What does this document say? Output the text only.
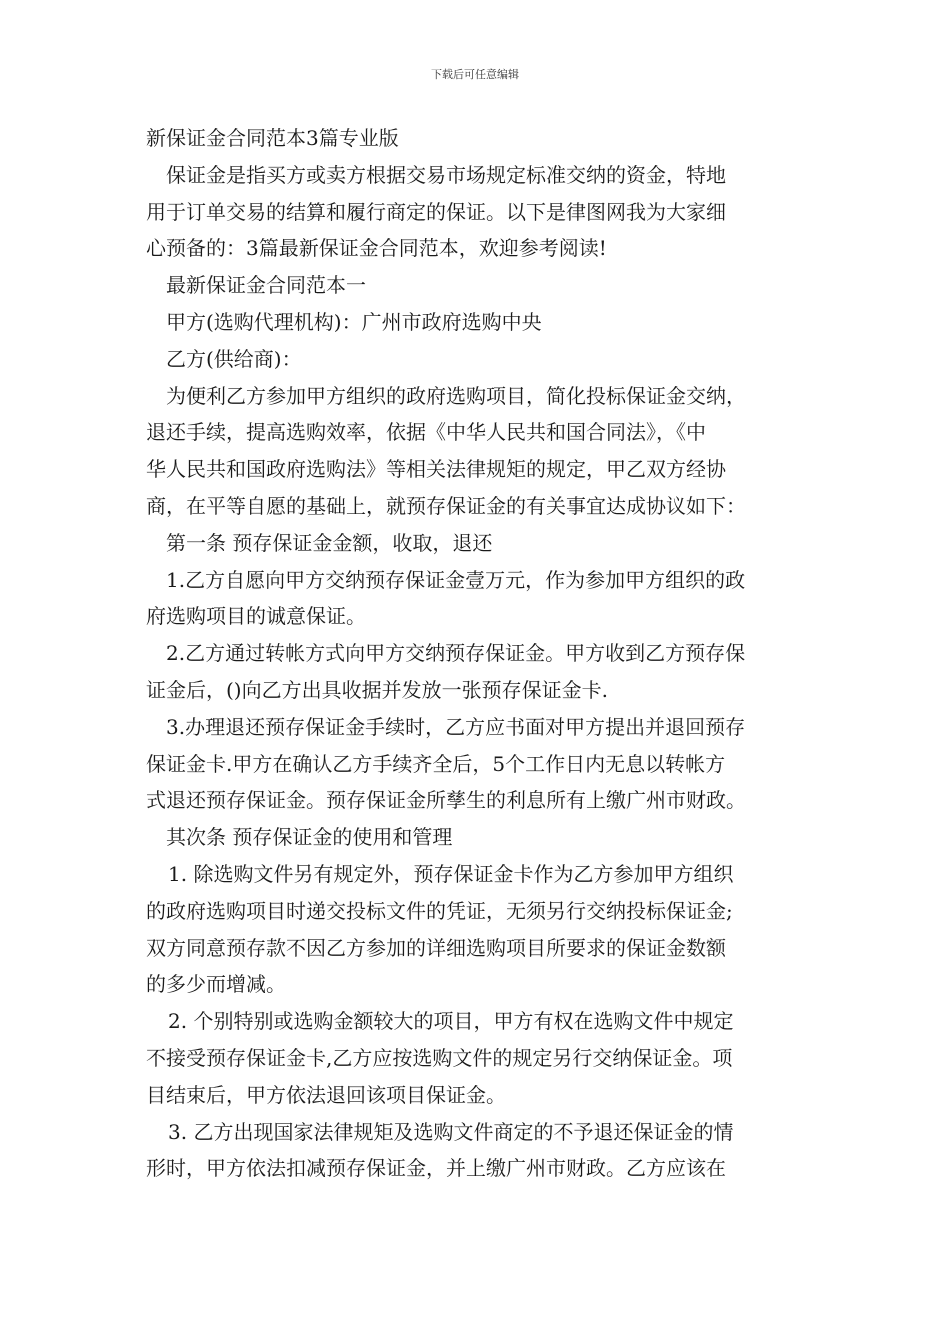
下载后可任意编辑
新保证金合同范本3篇专业版
保证金是指买方或卖方根据交易市场规定标准交纳的资金，特地
用于订单交易的结算和履行商定的保证。以下是律图网我为大家细
心预备的：3篇最新保证金合同范本，欢迎参考阅读!
最新保证金合同范本一
甲方(选购代理机构)：广州市政府选购中央
乙方(供给商)：
为便利乙方参加甲方组织的政府选购项目，简化投标保证金交纳，
退还手续，提高选购效率，依据《中华人民共和国合同法》，《中
华人民共和国政府选购法》等相关法律规矩的规定，甲乙双方经协
商，在平等自愿的基础上，就预存保证金的有关事宜达成协议如下：
第一条 预存保证金金额，收取，退还
1.乙方自愿向甲方交纳预存保证金壹万元，作为参加甲方组织的政
府选购项目的诚意保证。
2.乙方通过转帐方式向甲方交纳预存保证金。甲方收到乙方预存保
证金后，()向乙方出具收据并发放一张预存保证金卡.
3.办理退还预存保证金手续时，乙方应书面对甲方提出并退回预存
保证金卡.甲方在确认乙方手续齐全后，5个工作日内无息以转帐方
式退还预存保证金。预存保证金所孳生的利息所有上缴广州市财政。
其次条 预存保证金的使用和管理
1. 除选购文件另有规定外，预存保证金卡作为乙方参加甲方组织
的政府选购项目时递交投标文件的凭证，无须另行交纳投标保证金;
双方同意预存款不因乙方参加的详细选购项目所要求的保证金数额
的多少而增减。
2. 个别特别或选购金额较大的项目，甲方有权在选购文件中规定
不接受预存保证金卡,乙方应按选购文件的规定另行交纳保证金。项
目结束后，甲方依法退回该项目保证金。
3. 乙方出现国家法律规矩及选购文件商定的不予退还保证金的情
形时，甲方依法扣减预存保证金，并上缴广州市财政。乙方应该在
